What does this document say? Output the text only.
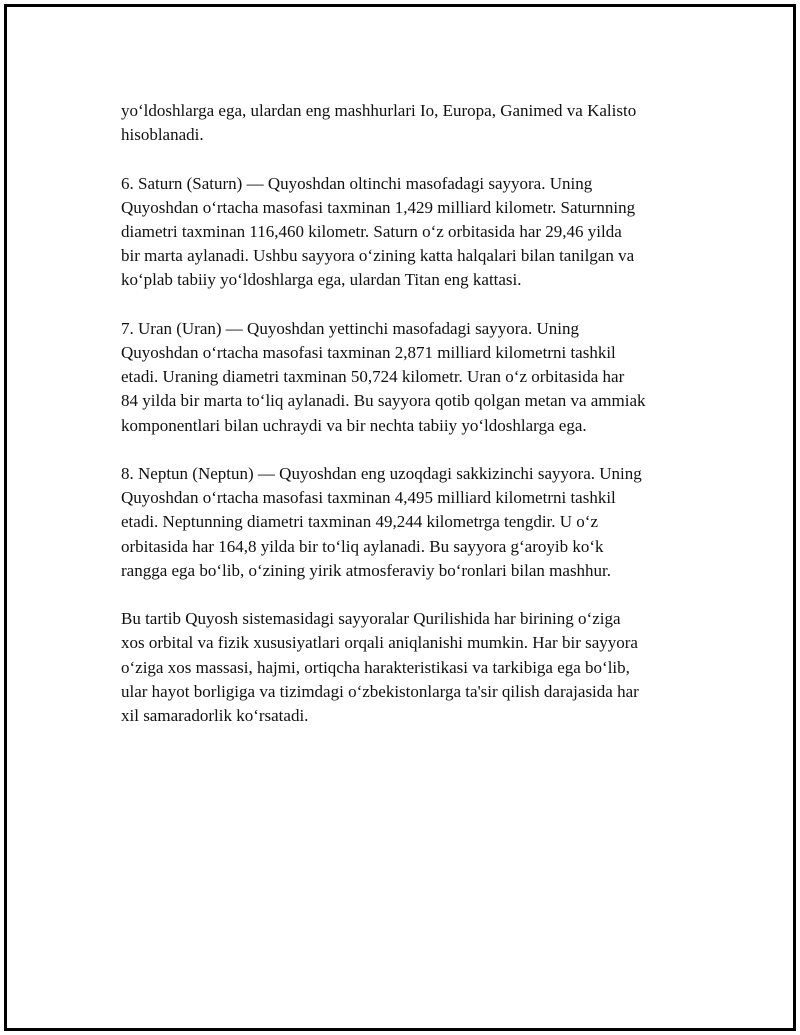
yoʻldoshlarga ega, ulardan eng mashhurlari Io, Europa, Ganimed va Kalisto
hisoblanadi.

6. Saturn (Saturn) — Quyoshdan oltinchi masofadagi sayyora. Uning
Quyoshdan oʻrtacha masofasi taxminan 1,429 milliard kilometr. Saturnning
diametri taxminan 116,460 kilometr. Saturn oʻz orbitasida har 29,46 yilda
bir marta aylanadi. Ushbu sayyora oʻzining katta halqalari bilan tanilgan va
koʻplab tabiiy yoʻldoshlarga ega, ulardan Titan eng kattasi.

7. Uran (Uran) — Quyoshdan yettinchi masofadagi sayyora. Uning
Quyoshdan oʻrtacha masofasi taxminan 2,871 milliard kilometrni tashkil
etadi. Uraning diametri taxminan 50,724 kilometr. Uran oʻz orbitasida har
84 yilda bir marta toʻliq aylanadi. Bu sayyora qotib qolgan metan va ammiak
komponentlari bilan uchraydi va bir nechta tabiiy yoʻldoshlarga ega.

8. Neptun (Neptun) — Quyoshdan eng uzoqdagi sakkizinchi sayyora. Uning
Quyoshdan oʻrtacha masofasi taxminan 4,495 milliard kilometrni tashkil
etadi. Neptunning diametri taxminan 49,244 kilometrga tengdir. U oʻz
orbitasida har 164,8 yilda bir toʻliq aylanadi. Bu sayyora gʻaroyib koʻk
rangga ega boʻlib, oʻzining yirik atmosferaviy boʻronlari bilan mashhur.

Bu tartib Quyosh sistemasidagi sayyoralar Qurilishida har birining oʻziga
xos orbital va fizik xususiyatlari orqali aniqlanishi mumkin. Har bir sayyora
oʻziga xos massasi, hajmi, ortiqcha harakteristikasi va tarkibiga ega boʻlib,
ular hayot borligiga va tizimdagi oʻzbekistonlarga ta'sir qilish darajasida har
xil samaradorlik koʻrsatadi.
